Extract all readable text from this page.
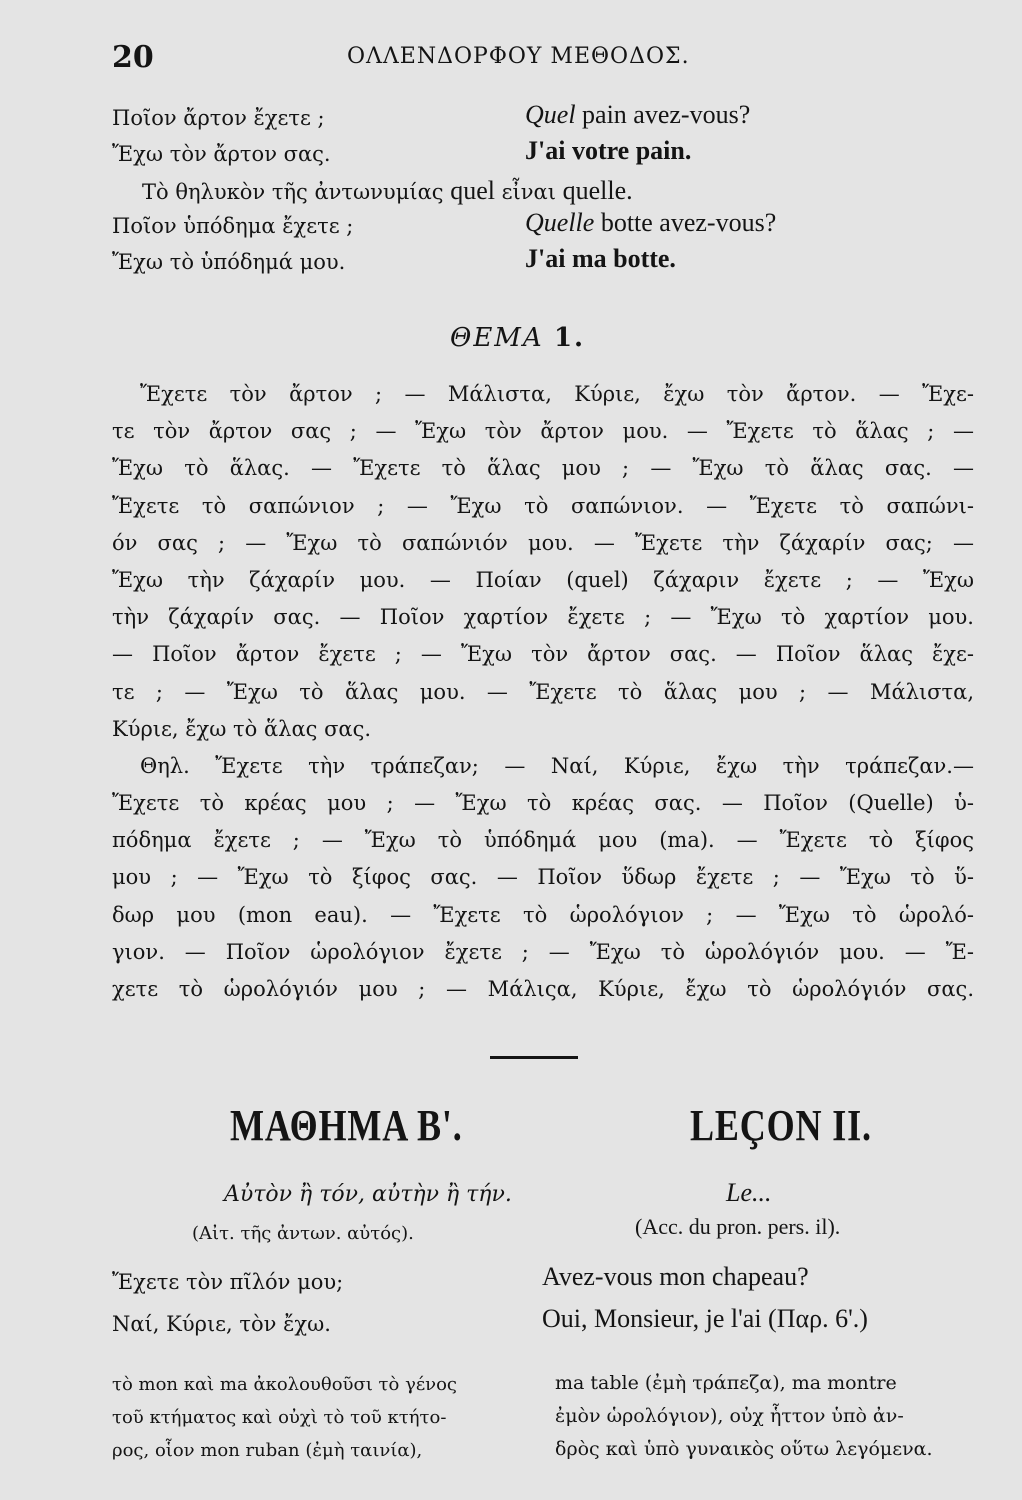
20	ΟΛΛΕΝΔΟΡΦΟΥ ΜΕΘΟΔΟΣ.
Ποῖον ἄρτον ἔχετε ;	Quel pain avez-vous?
Ἔχω τὸν ἄρτον σας.	J'ai votre pain.
Τὸ θηλυκὸν τῆς ἀντωνυμίας quel εἶναι quelle.
Ποῖον ὑπόδημα ἔχετε ;	Quelle botte avez-vous?
Ἔχω τὸ ὑπόδημά μου.	J'ai ma botte.
ΘΕΜΑ 1.
Ἔχετε τὸν ἄρτον ; — Μάλιστα, Κύριε, ἔχω τὸν ἄρτον. — Ἔχε-
τε τὸν ἄρτον σας ; — Ἔχω τὸν ἄρτον μου. — Ἔχετε τὸ ἅλας ; —
Ἔχω τὸ ἅλας. — Ἔχετε τὸ ἅλας μου ; — Ἔχω τὸ ἅλας σας. —
Ἔχετε τὸ σαπώνιον ; — Ἔχω τὸ σαπώνιον. — Ἔχετε τὸ σαπώνι-
όν σας ; — Ἔχω τὸ σαπώνιόν μου. — Ἔχετε τὴν ζάχαρίν σας; —
Ἔχω τὴν ζάχαρίν μου. — Ποίαν (quel) ζάχαριν ἔχετε ; — Ἔχω
τὴν ζάχαρίν σας. — Ποῖον χαρτίον ἔχετε ; — Ἔχω τὸ χαρτίον μου.
— Ποῖον ἄρτον ἔχετε ; — Ἔχω τὸν ἄρτον σας. — Ποῖον ἅλας ἔχε-
τε ; — Ἔχω τὸ ἅλας μου. — Ἔχετε τὸ ἅλας μου ; — Μάλιστα,
Κύριε, ἔχω τὸ ἅλας σας.
Θηλ. Ἔχετε τὴν τράπεζαν; — Ναί, Κύριε, ἔχω τὴν τράπεζαν.—
Ἔχετε τὸ κρέας μου ; — Ἔχω τὸ κρέας σας. — Ποῖον (Quelle) ὑ-
πόδημα ἔχετε ; — Ἔχω τὸ ὑπόδημά μου (ma). — Ἔχετε τὸ ξίφος
μου ; — Ἔχω τὸ ξίφος σας. — Ποῖον ὕδωρ ἔχετε ; — Ἔχω τὸ ὕ-
δωρ μου (mon eau). — Ἔχετε τὸ ὡρολόγιον ; — Ἔχω τὸ ὡρολό-
γιον. — Ποῖον ὡρολόγιον ἔχετε ; — Ἔχω τὸ ὡρολόγιόν μου. — Ἔ-
χετε τὸ ὡρολόγιόν μου ; — Μάλιςα, Κύριε, ἔχω τὸ ὡρολόγιόν σας.
ΜΑΘΗΜΑ Β'.	LEÇON II.
Αὐτὸν ἢ τόν, αὐτὴν ἢ τήν.
(Αἰτ. τῆς ἀντων. αὐτός).
Le...
(Acc. du pron. pers. il).
Ἔχετε τὸν πῖλόν μου;	Avez-vous mon chapeau?
Ναί, Κύριε, τὸν ἔχω.	Oui, Monsieur, je l'ai (Παρ. 6'.)
τὸ mon καὶ ma ἀκολουθοῦσι τὸ γένος	ma table (ἐμὴ τράπεζα), ma montre
τοῦ κτήματος καὶ οὐχὶ τὸ τοῦ κτήτο-	ἐμὸν ὡρολόγιον), οὐχ ἧττον ὑπὸ ἀν-
ρος, οἷον mon ruban (ἐμὴ ταινία),	δρὸς καὶ ὑπὸ γυναικὸς οὕτω λεγόμενα.
